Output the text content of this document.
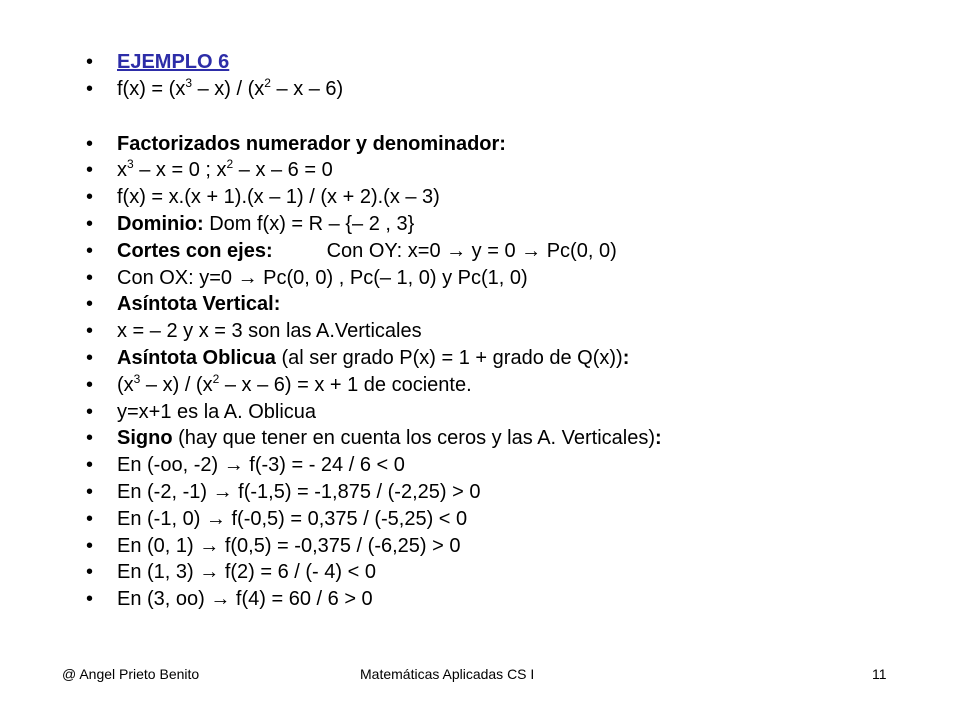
• EJEMPLO 6
• $f(x) = (x^3 - x) / (x^2 - x - 6)$
• Factorizados numerador y denominador:
• $x^3 - x = 0$ ; $x^2 - x - 6 = 0$
• f(x) = x.(x + 1).(x – 1) / (x + 2).(x – 3)
• Dominio: Dom f(x) = R – {– 2 , 3}
• Cortes con ejes:	Con OY: x=0 → y = 0 → Pc(0, 0)
• Con OX: y=0 → Pc(0, 0) , Pc(– 1, 0) y Pc(1, 0)
• Asíntota Vertical:
• x = – 2 y x = 3 son las A.Verticales
• Asíntota Oblicua (al ser grado P(x) = 1 + grado de Q(x)):
• $(x^3 - x) / (x^2 - x - 6) = x + 1$ de cociente.
• y=x+1 es la A. Oblicua
• Signo (hay que tener en cuenta los ceros y las A. Verticales):
• En (-oo, -2) → f(-3) = - 24 / 6 < 0
• En (-2, -1) → f(-1,5) = -1,875 / (-2,25) > 0
• En (-1, 0) → f(-0,5) = 0,375 / (-5,25) < 0
• En (0, 1) → f(0,5) = -0,375 / (-6,25) > 0
• En (1, 3) → f(2) = 6 / (- 4) < 0
• En (3, oo) → f(4) = 60 / 6 > 0
@ Angel Prieto Benito	Matemáticas Aplicadas CS I	11
